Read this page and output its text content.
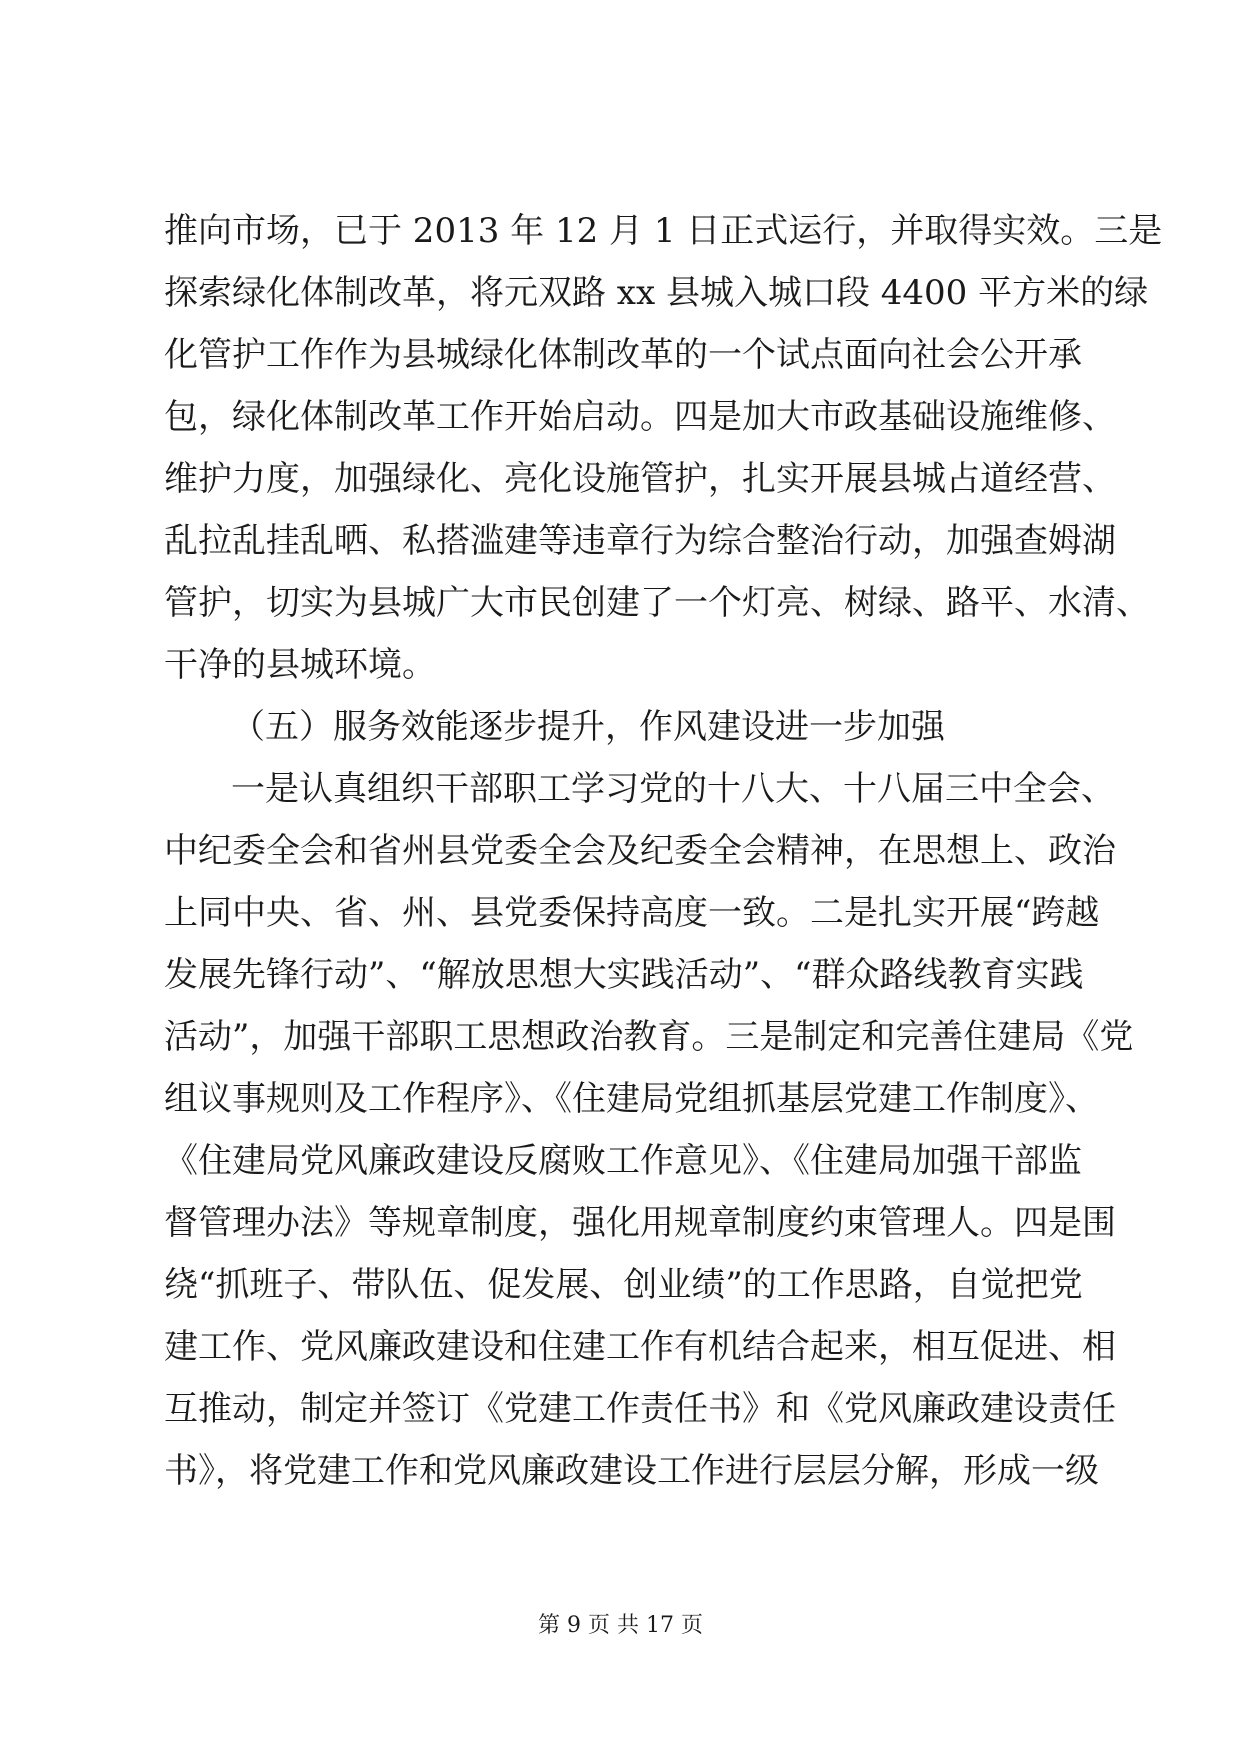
推向市场，已于 2013 年 12 月 1 日正式运行，并取得实效。三是
探索绿化体制改革，将元双路 xx 县城入城口段 4400 平方米的绿
化管护工作作为县城绿化体制改革的一个试点面向社会公开承
包，绿化体制改革工作开始启动。四是加大市政基础设施维修、
维护力度，加强绿化、亮化设施管护，扎实开展县城占道经营、
乱拉乱挂乱晒、私搭滥建等违章行为综合整治行动，加强查姆湖
管护，切实为县城广大市民创建了一个灯亮、树绿、路平、水清、
干净的县城环境。
（五）服务效能逐步提升，作风建设进一步加强
一是认真组织干部职工学习党的十八大、十八届三中全会、
中纪委全会和省州县党委全会及纪委全会精神，在思想上、政治
上同中央、省、州、县党委保持高度一致。二是扎实开展“跨越
发展先锋行动”、“解放思想大实践活动”、“群众路线教育实践
活动”，加强干部职工思想政治教育。三是制定和完善住建局《党
组议事规则及工作程序》、《住建局党组抓基层党建工作制度》、
《住建局党风廉政建设反腐败工作意见》、《住建局加强干部监
督管理办法》等规章制度，强化用规章制度约束管理人。四是围
绕“抓班子、带队伍、促发展、创业绩”的工作思路，自觉把党
建工作、党风廉政建设和住建工作有机结合起来，相互促进、相
互推动，制定并签订《党建工作责任书》和《党风廉政建设责任
书》，将党建工作和党风廉政建设工作进行层层分解，形成一级
第 9 页 共 17 页
